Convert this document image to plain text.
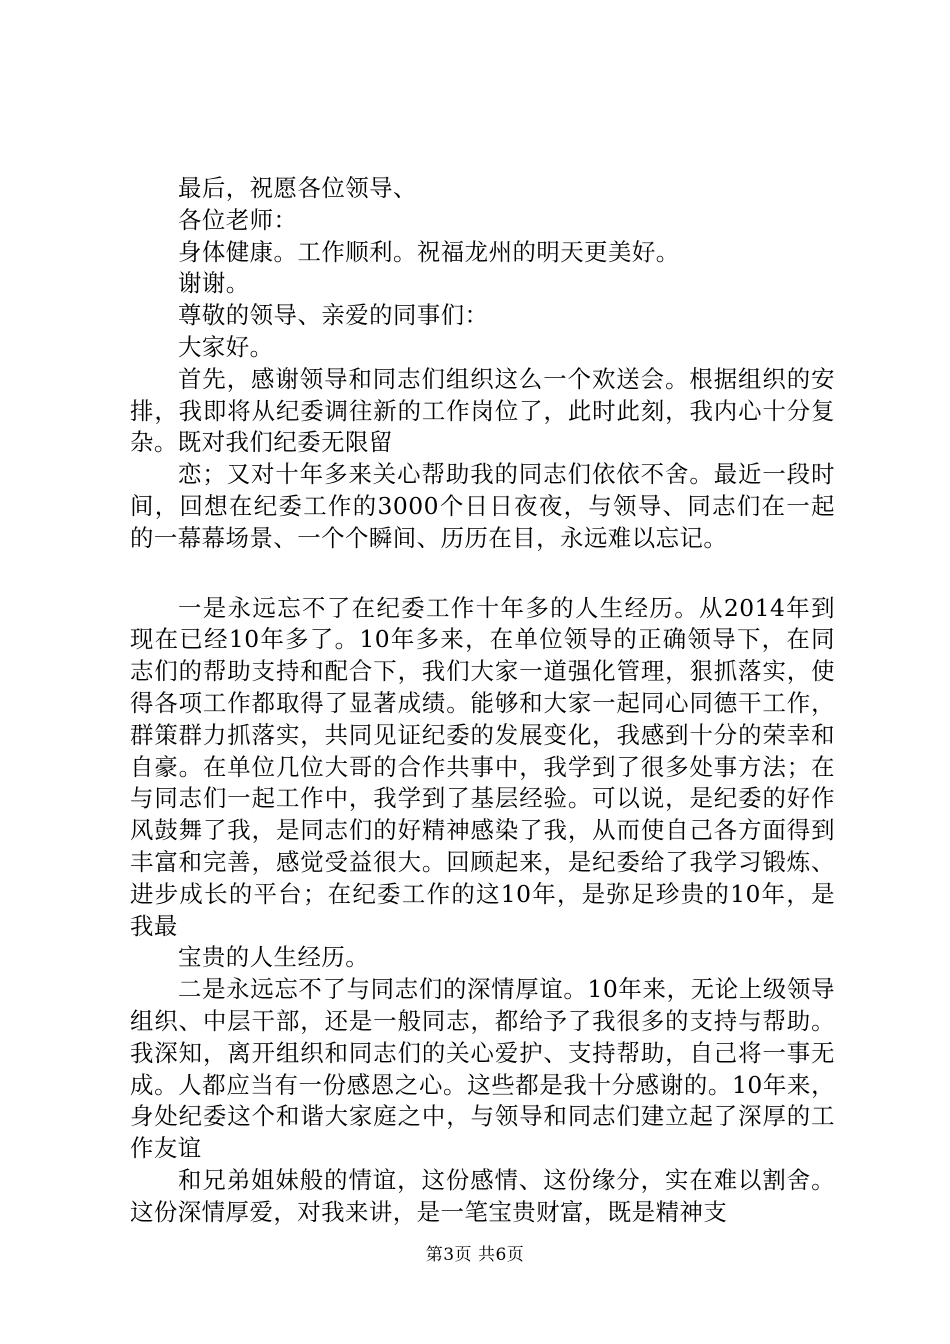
最后，祝愿各位领导、

各位老师：

身体健康。工作顺利。祝福龙州的明天更美好。

谢谢。

尊敬的领导、亲爱的同事们：

大家好。

首先，感谢领导和同志们组织这么一个欢送会。根据组织的安排，我即将从纪委调往新的工作岗位了，此时此刻，我内心十分复杂。既对我们纪委无限留

恋；又对十年多来关心帮助我的同志们依依不舍。最近一段时间，回想在纪委工作的3000个日日夜夜，与领导、同志们在一起的一幕幕场景、一个个瞬间、历历在目，永远难以忘记。

一是永远忘不了在纪委工作十年多的人生经历。从2014年到现在已经10年多了。10年多来，在单位领导的正确领导下，在同志们的帮助支持和配合下，我们大家一道强化管理，狠抓落实，使得各项工作都取得了显著成绩。能够和大家一起同心同德干工作，群策群力抓落实，共同见证纪委的发展变化，我感到十分的荣幸和自豪。在单位几位大哥的合作共事中，我学到了很多处事方法；在与同志们一起工作中，我学到了基层经验。可以说，是纪委的好作风鼓舞了我，是同志们的好精神感染了我，从而使自己各方面得到丰富和完善，感觉受益很大。回顾起来，是纪委给了我学习锻炼、进步成长的平台；在纪委工作的这10年，是弥足珍贵的10年，是我最

宝贵的人生经历。

二是永远忘不了与同志们的深情厚谊。10年来，无论上级领导组织、中层干部，还是一般同志，都给予了我很多的支持与帮助。我深知，离开组织和同志们的关心爱护、支持帮助，自己将一事无成。人都应当有一份感恩之心。这些都是我十分感谢的。10年来，身处纪委这个和谐大家庭之中，与领导和同志们建立起了深厚的工作友谊

和兄弟姐妹般的情谊，这份感情、这份缘分，实在难以割舍。这份深情厚爱，对我来讲，是一笔宝贵财富，既是精神支

第3页 共6页
